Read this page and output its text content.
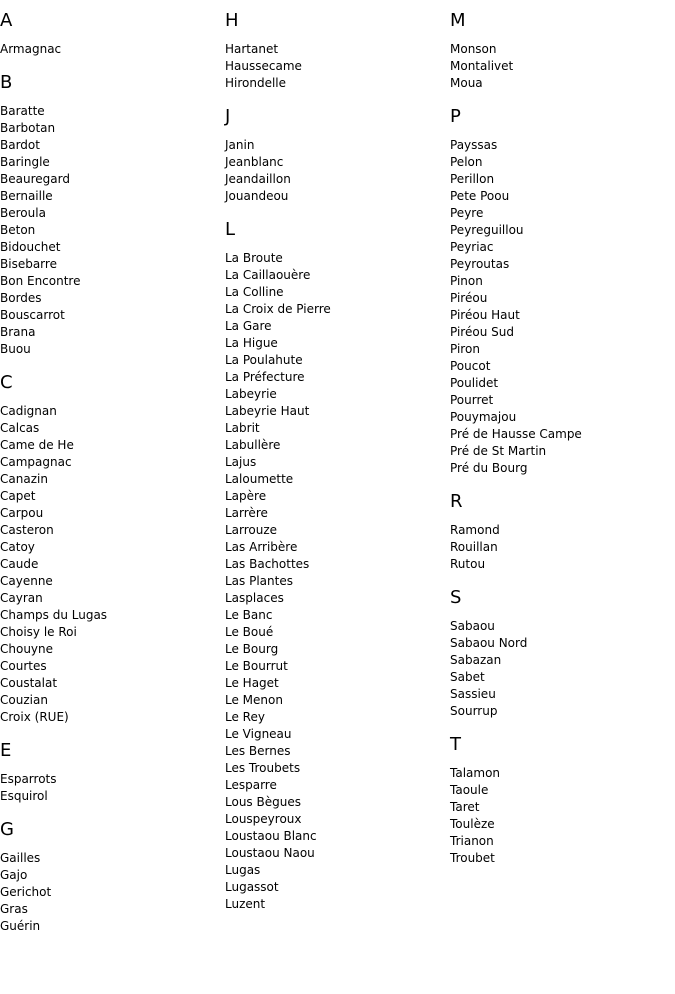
A
Armagnac
B
Baratte
Barbotan
Bardot
Baringle
Beauregard
Bernaille
Beroula
Beton
Bidouchet
Bisebarre
Bon Encontre
Bordes
Bouscarrot
Brana
Buou
C
Cadignan
Calcas
Came de He
Campagnac
Canazin
Capet
Carpou
Casteron
Catoy
Caude
Cayenne
Cayran
Champs du Lugas
Choisy le Roi
Chouyne
Courtes
Coustalat
Couzian
Croix (RUE)
E
Esparrots
Esquirol
G
Gailles
Gajo
Gerichot
Gras
Guérin
H
Hartanet
Haussecame
Hirondelle
J
Janin
Jeanblanc
Jeandaillon
Jouandeou
L
La Broute
La Caillaouère
La Colline
La Croix de Pierre
La Gare
La Higue
La Poulahute
La Préfecture
Labeyrie
Labeyrie Haut
Labrit
Labullère
Lajus
Laloumette
Lapère
Larrère
Larrouze
Las Arribère
Las Bachottes
Las Plantes
Lasplaces
Le Banc
Le Boué
Le Bourg
Le Bourrut
Le Haget
Le Menon
Le Rey
Le Vigneau
Les Bernes
Les Troubets
Lesparre
Lous Bègues
Louspeyroux
Loustaou Blanc
Loustaou Naou
Lugas
Lugassot
Luzent
M
Monson
Montalivet
Moua
P
Payssas
Pelon
Perillon
Pete Poou
Peyre
Peyreguillou
Peyriac
Peyroutas
Pinon
Piréou
Piréou Haut
Piréou Sud
Piron
Poucot
Poulidet
Pourret
Pouymajou
Pré de Hausse Campe
Pré de St Martin
Pré du Bourg
R
Ramond
Rouillan
Rutou
S
Sabaou
Sabaou Nord
Sabazan
Sabet
Sassieu
Sourrup
T
Talamon
Taoule
Taret
Toulèze
Trianon
Troubet
